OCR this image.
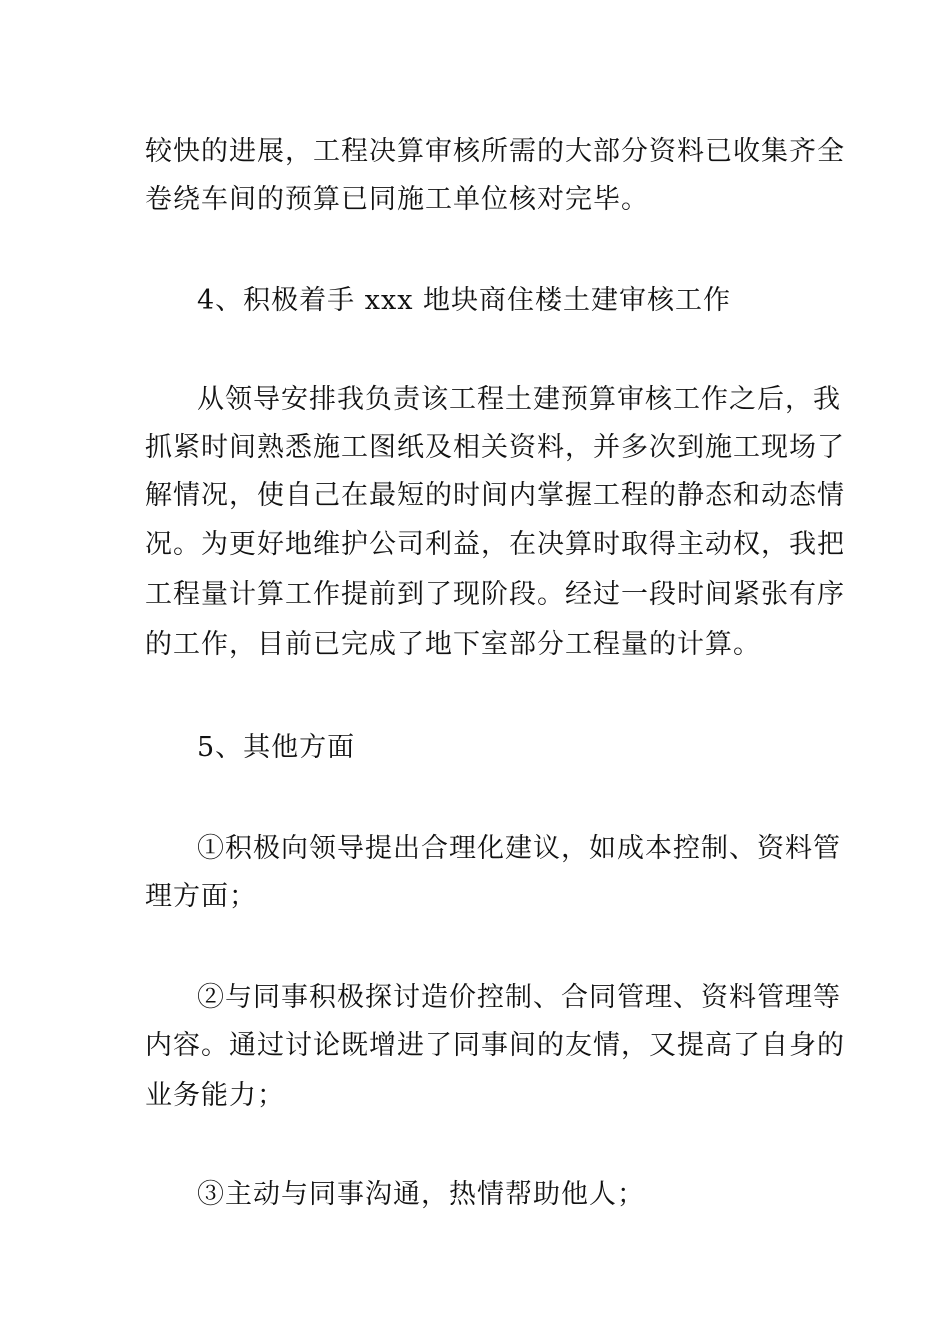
较快的进展，工程决算审核所需的大部分资料已收集齐全
卷绕车间的预算已同施工单位核对完毕。
4、积极着手 xxx 地块商住楼土建审核工作
从领导安排我负责该工程土建预算审核工作之后，我
抓紧时间熟悉施工图纸及相关资料，并多次到施工现场了
解情况，使自己在最短的时间内掌握工程的静态和动态情
况。为更好地维护公司利益，在决算时取得主动权，我把
工程量计算工作提前到了现阶段。经过一段时间紧张有序
的工作，目前已完成了地下室部分工程量的计算。
5、其他方面
①积极向领导提出合理化建议，如成本控制、资料管
理方面；
②与同事积极探讨造价控制、合同管理、资料管理等
内容。通过讨论既增进了同事间的友情，又提高了自身的
业务能力；
③主动与同事沟通，热情帮助他人；
